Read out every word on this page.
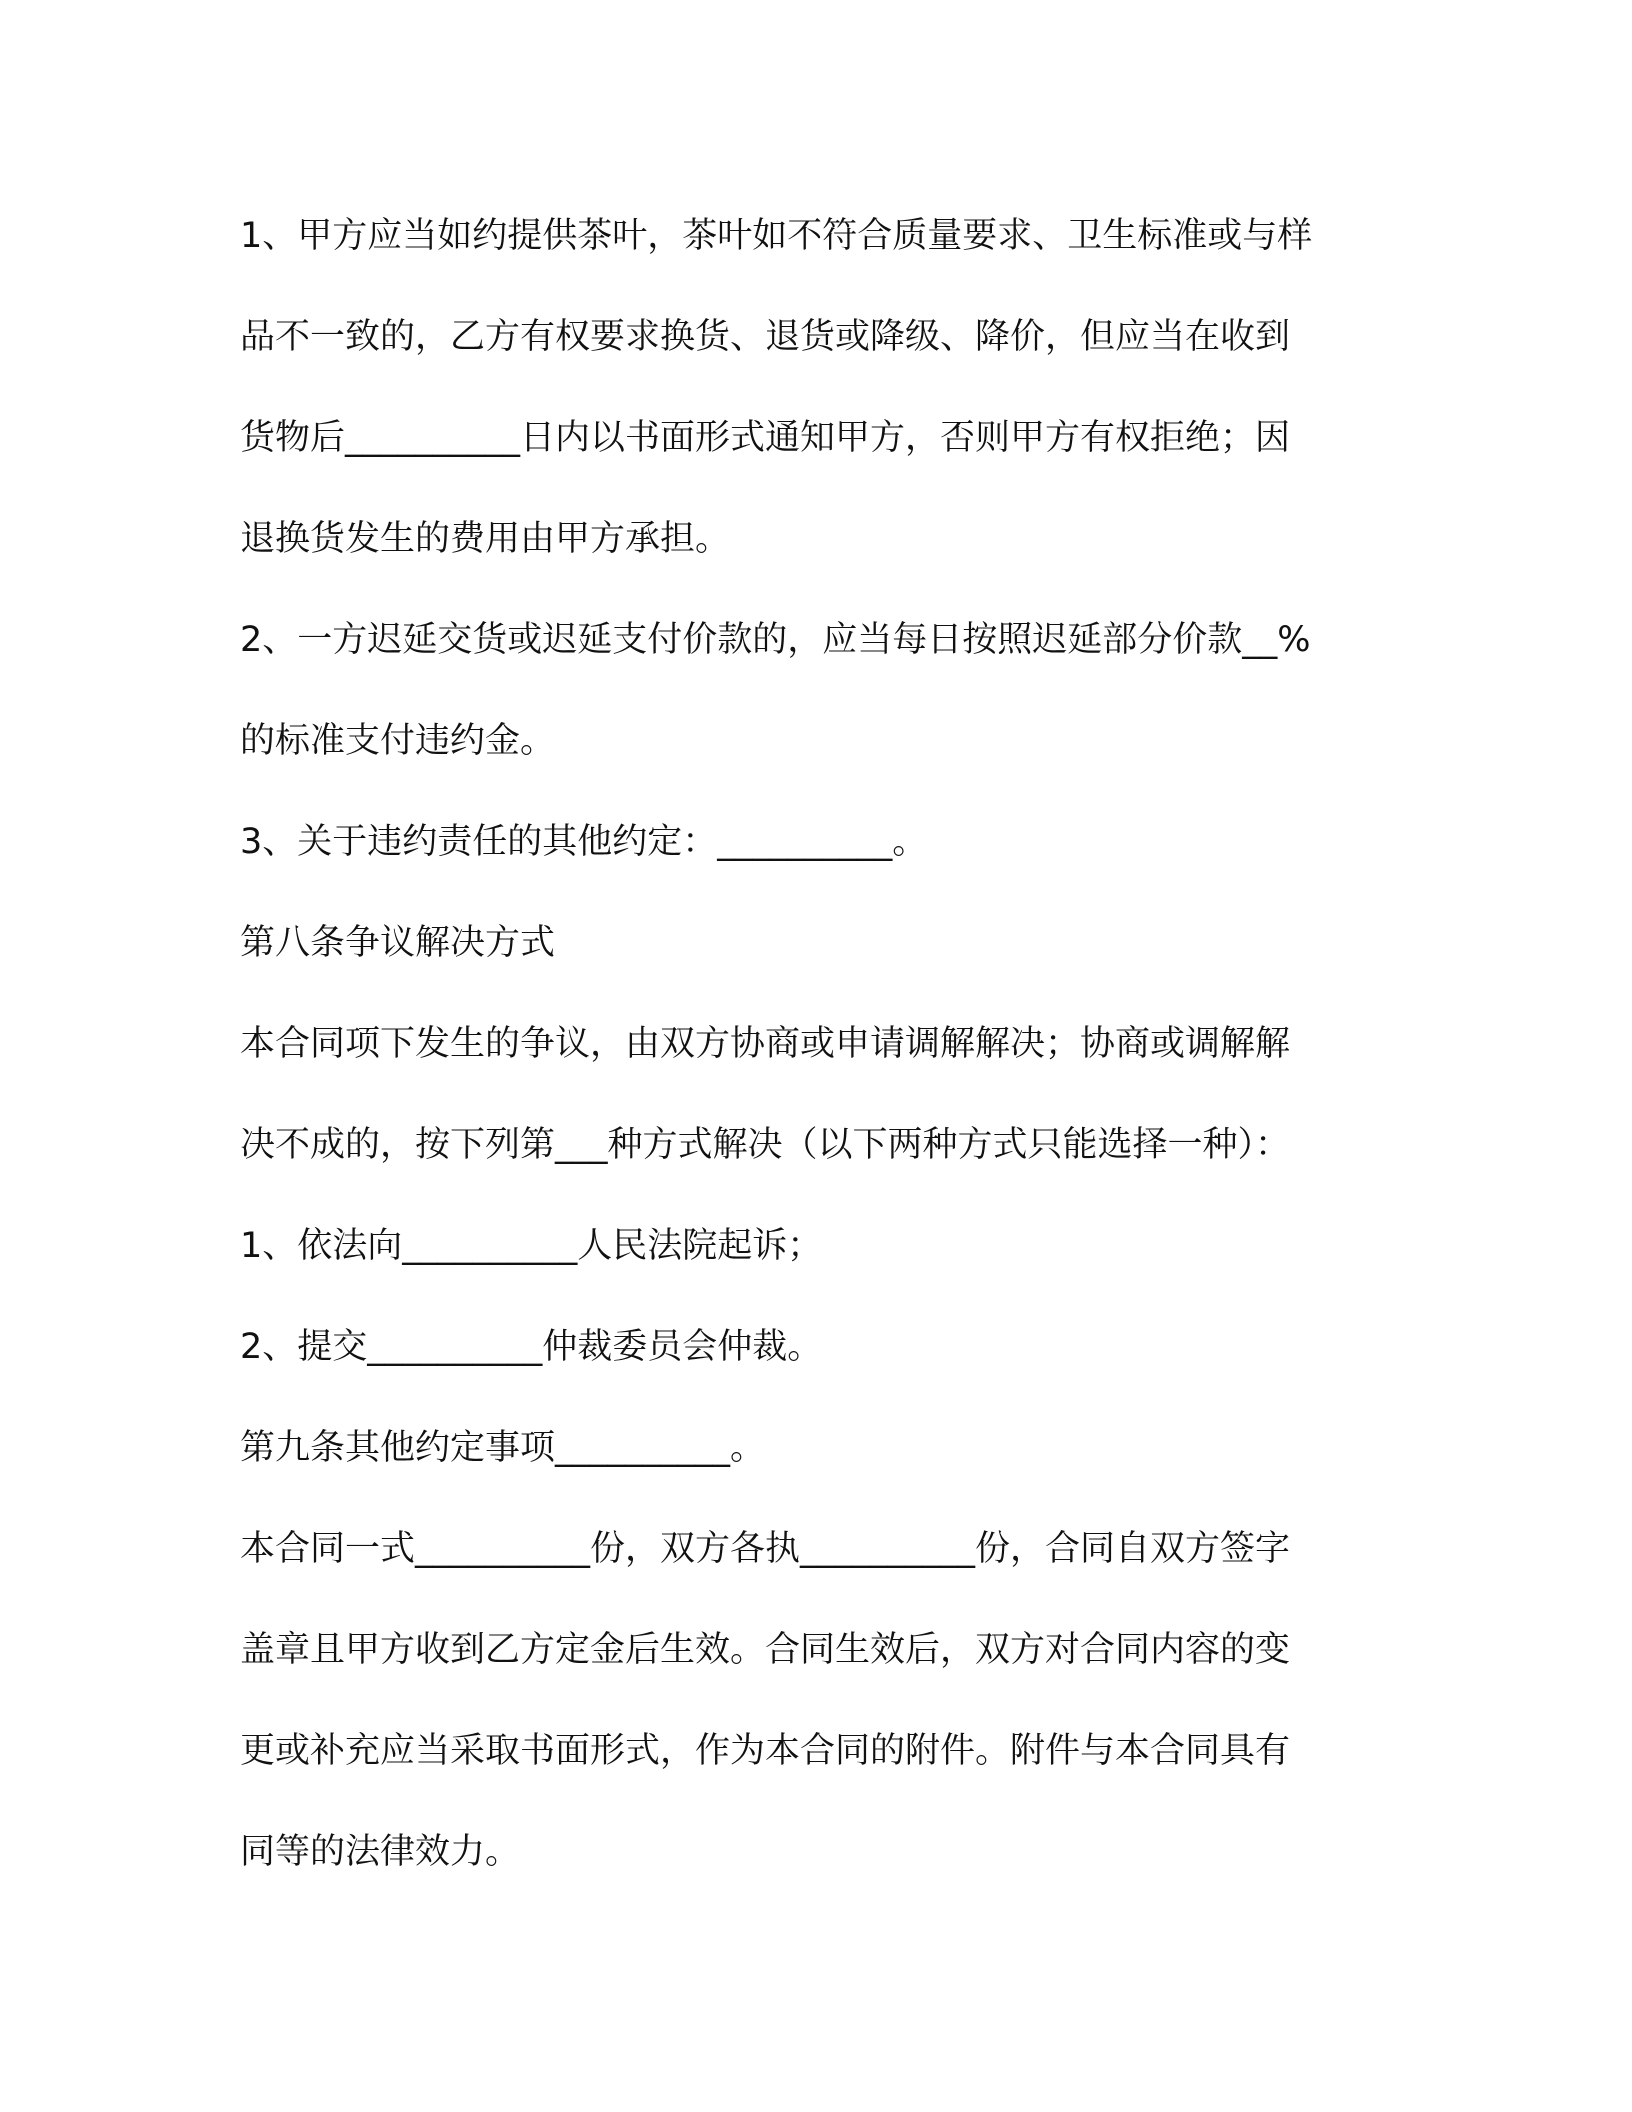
1、甲方应当如约提供茶叶，茶叶如不符合质量要求、卫生标准或与样
品不一致的，乙方有权要求换货、退货或降级、降价，但应当在收到
货物后__________日内以书面形式通知甲方，否则甲方有权拒绝；因
退换货发生的费用由甲方承担。
2、一方迟延交货或迟延支付价款的，应当每日按照迟延部分价款__%
的标准支付违约金。
3、关于违约责任的其他约定：__________。
第八条争议解决方式
本合同项下发生的争议，由双方协商或申请调解解决；协商或调解解
决不成的，按下列第___种方式解决（以下两种方式只能选择一种）：
1、依法向__________人民法院起诉；
2、提交__________仲裁委员会仲裁。
第九条其他约定事项__________。
本合同一式__________份，双方各执__________份，合同自双方签字
盖章且甲方收到乙方定金后生效。合同生效后，双方对合同内容的变
更或补充应当采取书面形式，作为本合同的附件。附件与本合同具有
同等的法律效力。
